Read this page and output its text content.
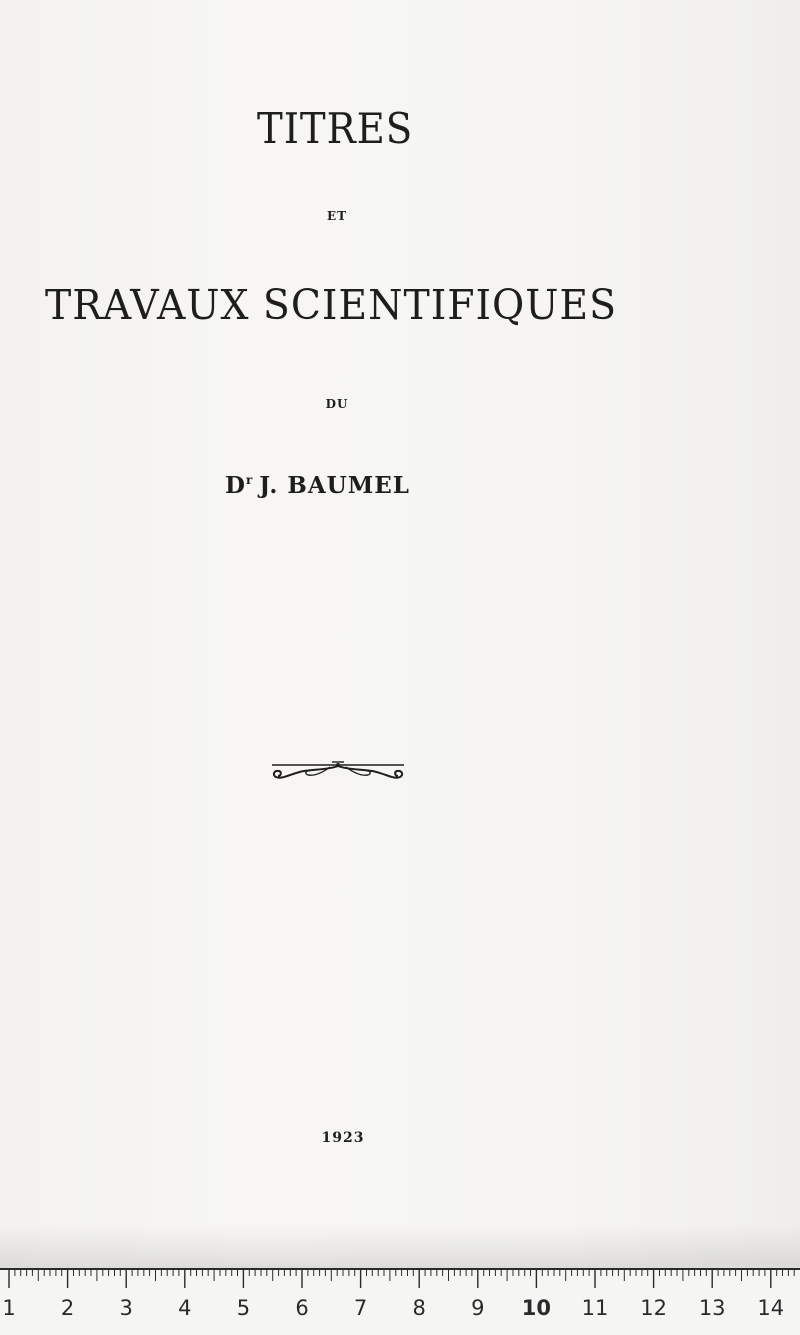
TITRES
ET
TRAVAUX SCIENTIFIQUES
DU
$D^r$ J. BAUMEL
1923
1 2 3 4 5 6 7 8 9 10 11 12 13 14
